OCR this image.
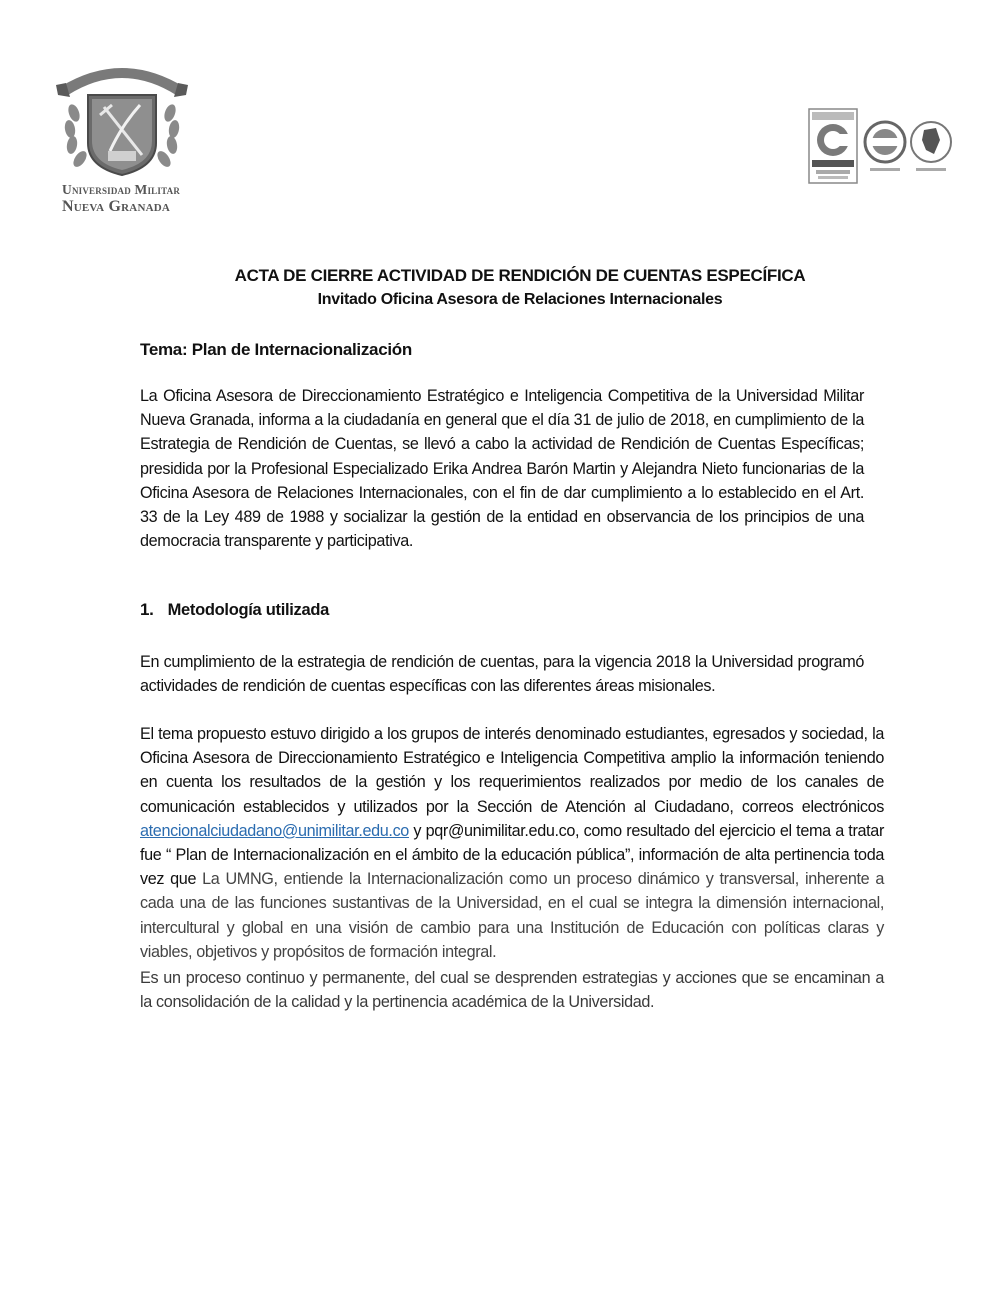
Universidad Militar
Nueva Granada
ACTA DE CIERRE ACTIVIDAD DE RENDICIÓN DE CUENTAS ESPECÍFICA
Invitado Oficina Asesora de Relaciones Internacionales
Tema: Plan de Internacionalización

La Oficina Asesora de Direccionamiento Estratégico e Inteligencia Competitiva de la Universidad Militar Nueva Granada, informa a la ciudadanía en general que el día 31 de julio de 2018, en cumplimiento de la Estrategia de Rendición de Cuentas, se llevó a cabo la actividad de Rendición de Cuentas Específicas; presidida por la Profesional Especializado Erika Andrea Barón Martin y Alejandra Nieto funcionarias de la Oficina Asesora de Relaciones Internacionales, con el fin de dar cumplimiento a lo establecido en el Art. 33 de la Ley 489 de 1988 y socializar la gestión de la entidad en observancia de los principios de una democracia transparente y participativa.

1. Metodología utilizada

En cumplimiento de la estrategia de rendición de cuentas, para la vigencia 2018 la Universidad programó actividades de rendición de cuentas específicas con las diferentes áreas misionales.

El tema propuesto estuvo dirigido a los grupos de interés denominado estudiantes, egresados y sociedad, la Oficina Asesora de Direccionamiento Estratégico e Inteligencia Competitiva amplio la información teniendo en cuenta los resultados de la gestión y los requerimientos realizados por medio de los canales de comunicación establecidos y utilizados por la Sección de Atención al Ciudadano, correos electrónicos atencionalciudadano@unimilitar.edu.co y pqr@unimilitar.edu.co, como resultado del ejercicio el tema a tratar fue “ Plan de Internacionalización en el ámbito de la educación pública”, información de alta pertinencia toda vez que La UMNG, entiende la Internacionalización como un proceso dinámico y transversal, inherente a cada una de las funciones sustantivas de la Universidad, en el cual se integra la dimensión internacional, intercultural y global en una visión de cambio para una Institución de Educación con políticas claras y viables, objetivos y propósitos de formación integral.

Es un proceso continuo y permanente, del cual se desprenden estrategias y acciones que se encaminan a la consolidación de la calidad y la pertinencia académica de la Universidad.
